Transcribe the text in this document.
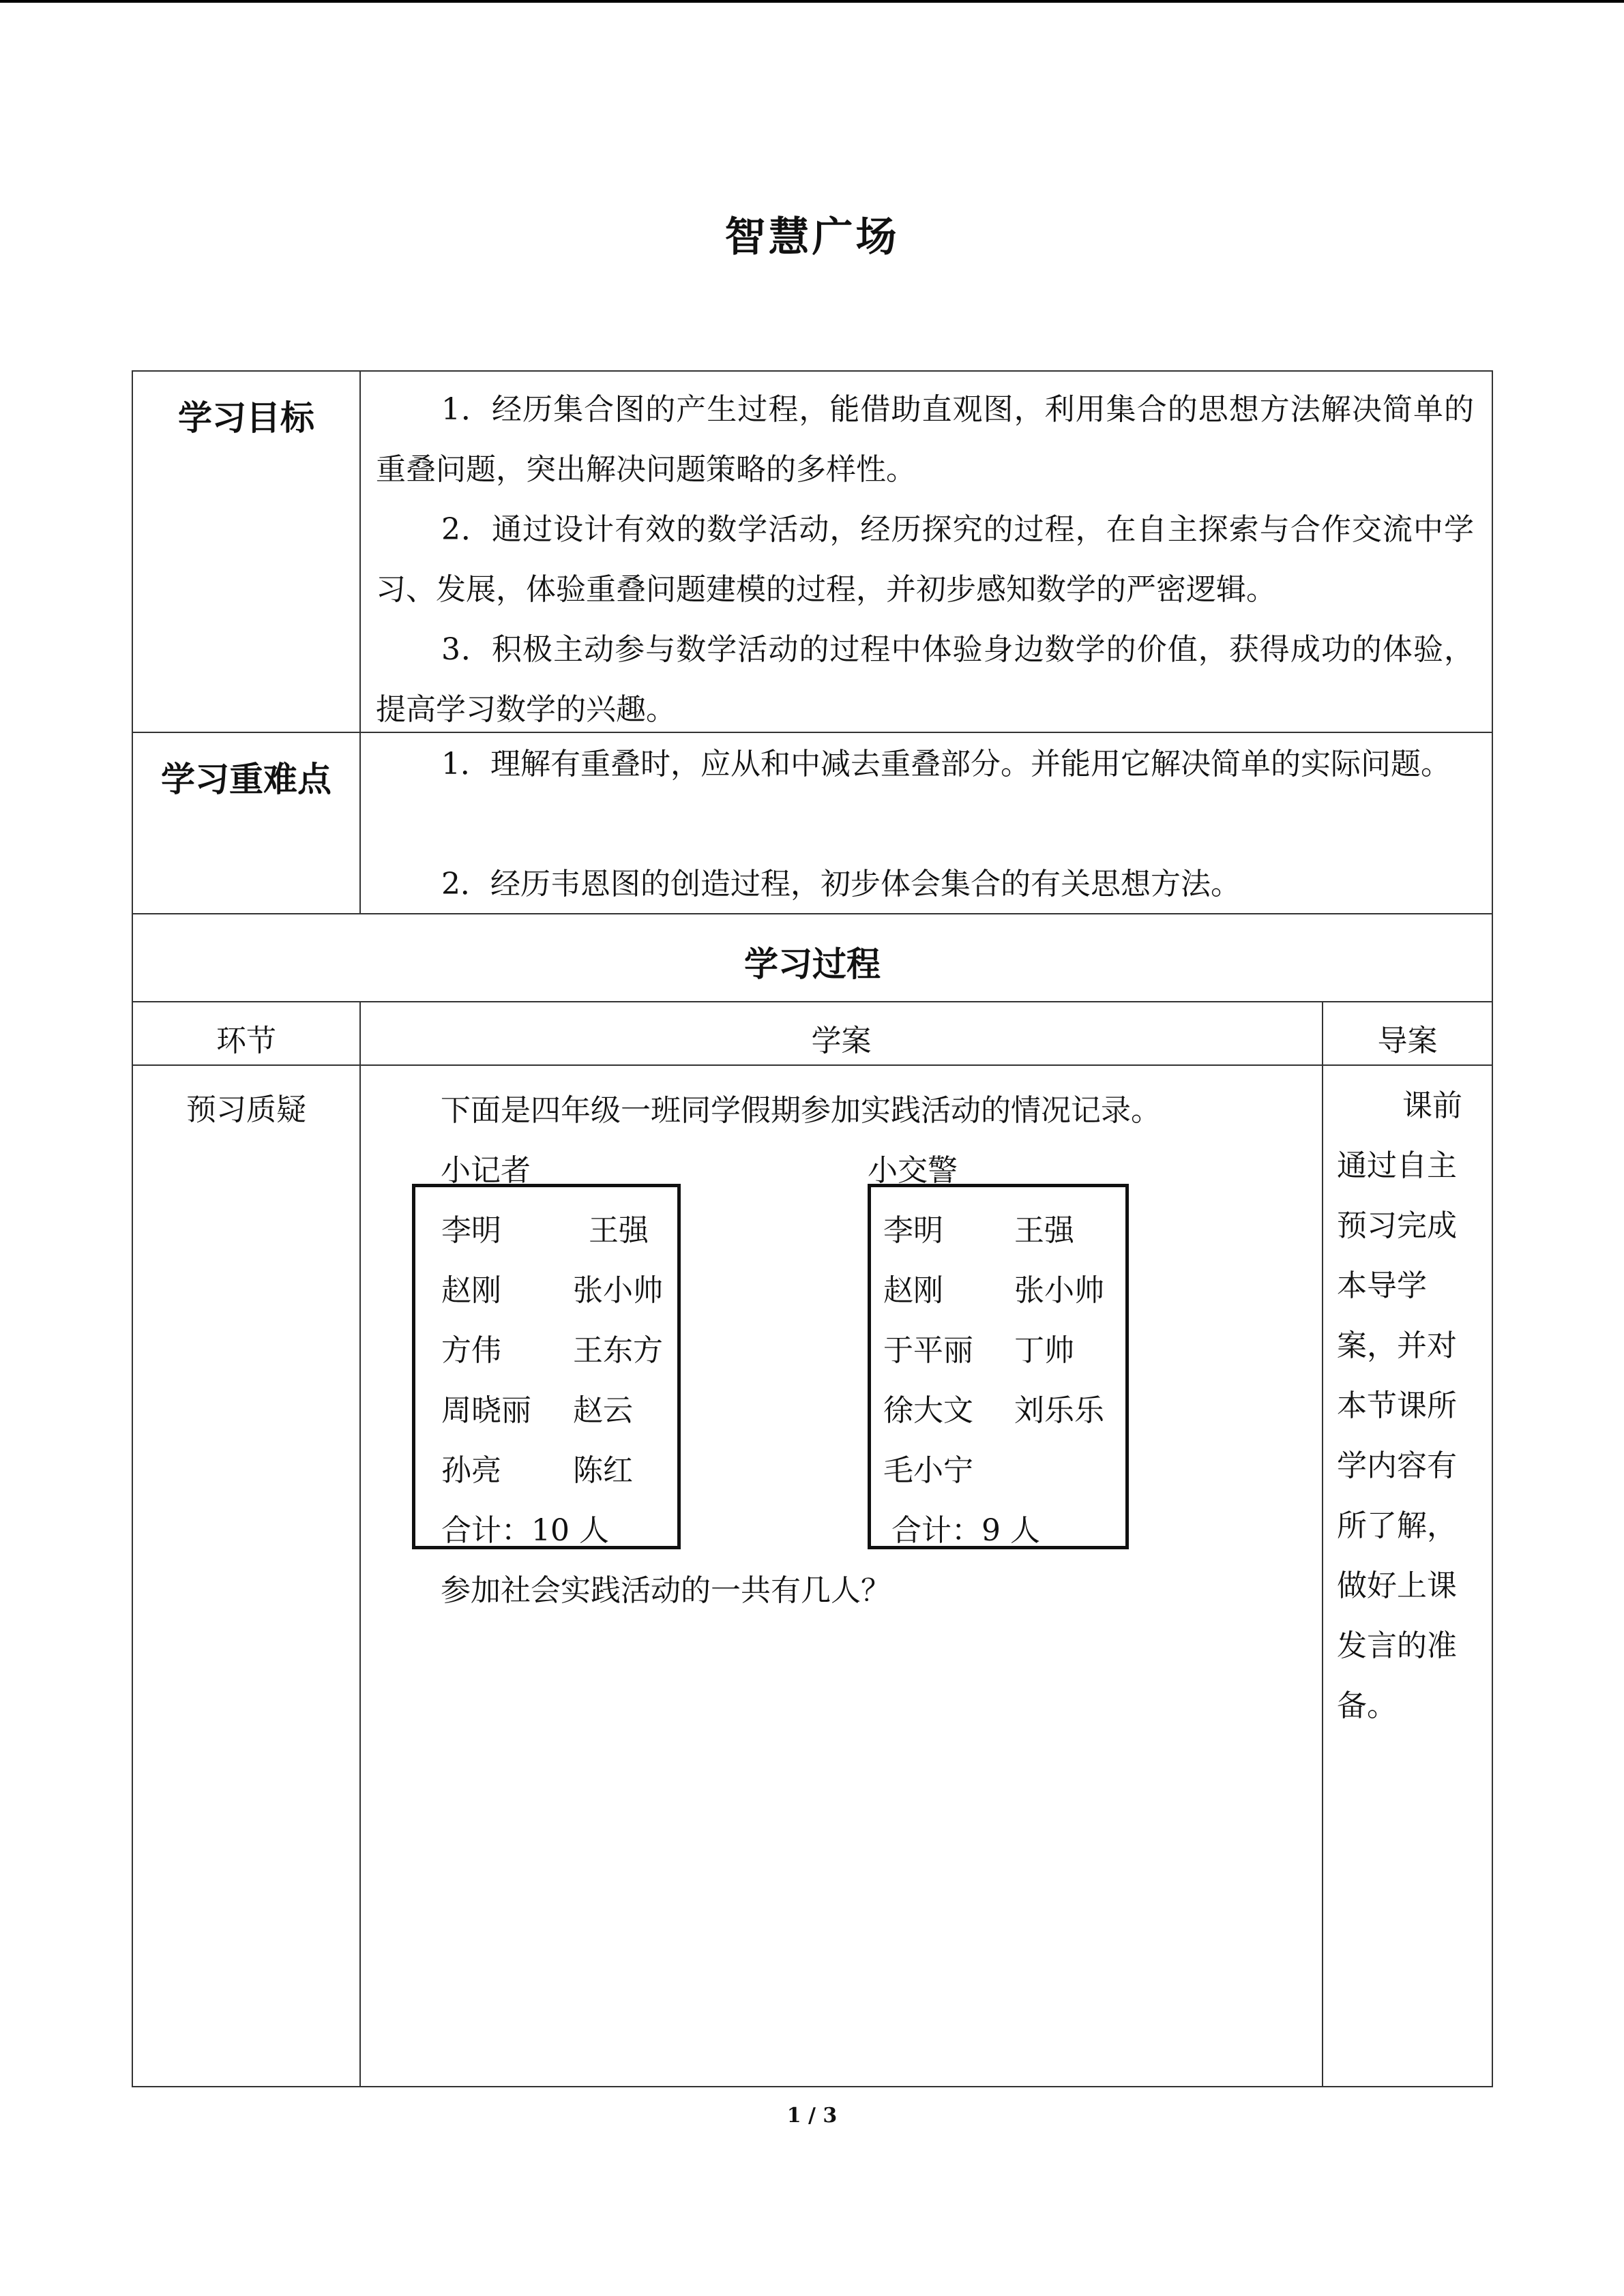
智慧广场
学习目标	1．经历集合图的产生过程，能借助直观图，利用集合的思想方法解决简单的重叠问题，突出解决问题策略的多样性。

2．通过设计有效的数学活动，经历探究的过程，在自主探索与合作交流中学习、发展，体验重叠问题建模的过程，并初步感知数学的严密逻辑。

3．积极主动参与数学活动的过程中体验身边数学的价值，获得成功的体验，提高学习数学的兴趣。

学习重难点	1．理解有重叠时，应从和中减去重叠部分。并能用它解决简单的实际问题。

2．经历韦恩图的创造过程，初步体会集合的有关思想方法。

学习过程
环节	学案	导案
预习质疑	下面是四年级一班同学假期参加实践活动的情况记录。
小记者
李明	王强
赵刚 张小帅
方伟 王东方
周晓丽 赵云
孙亮 陈红
合计：10 人
小交警
李明 王强
赵刚 张小帅
于平丽 丁帅
徐大文 刘乐乐
毛小宁
合计：9 人
参加社会实践活动的一共有几人？

课前通过自主预习完成本导学案，并对本节课所学内容有所了解，做好上课发言的准备。

1 / 3
